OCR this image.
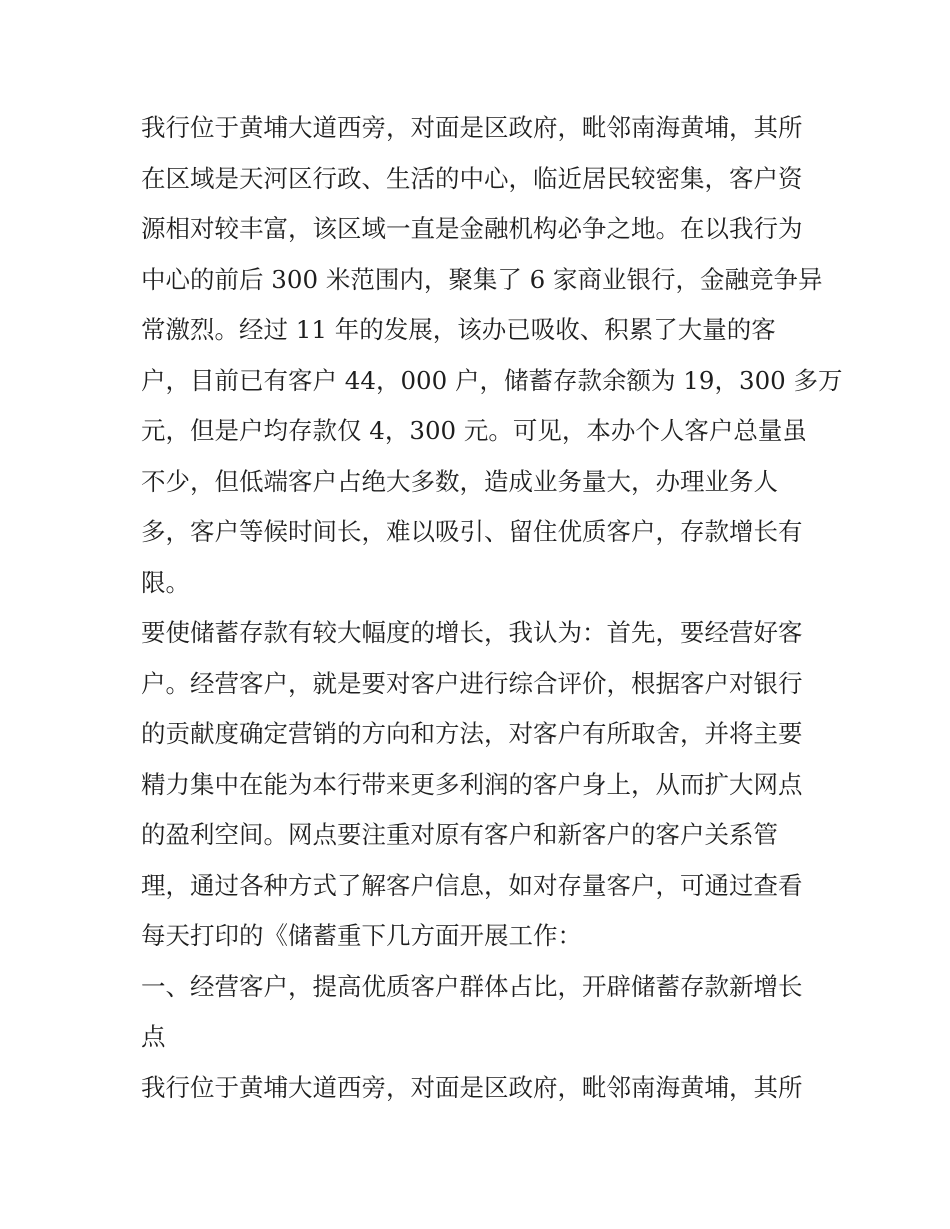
我行位于黄埔大道西旁，对面是区政府，毗邻南海黄埔，其所
在区域是天河区行政、生活的中心，临近居民较密集，客户资
源相对较丰富，该区域一直是金融机构必争之地。在以我行为
中心的前后 300 米范围内，聚集了 6 家商业银行，金融竞争异
常激烈。经过 11 年的发展，该办已吸收、积累了大量的客
户，目前已有客户 44，000 户，储蓄存款余额为 19，300 多万
元，但是户均存款仅 4，300 元。可见，本办个人客户总量虽
不少，但低端客户占绝大多数，造成业务量大，办理业务人
多，客户等候时间长，难以吸引、留住优质客户，存款增长有
限。
要使储蓄存款有较大幅度的增长，我认为：首先，要经营好客
户。经营客户，就是要对客户进行综合评价，根据客户对银行
的贡献度确定营销的方向和方法，对客户有所取舍，并将主要
精力集中在能为本行带来更多利润的客户身上，从而扩大网点
的盈利空间。网点要注重对原有客户和新客户的客户关系管
理，通过各种方式了解客户信息，如对存量客户，可通过查看
每天打印的《储蓄重下几方面开展工作：
一、经营客户，提高优质客户群体占比，开辟储蓄存款新增长
点
我行位于黄埔大道西旁，对面是区政府，毗邻南海黄埔，其所
